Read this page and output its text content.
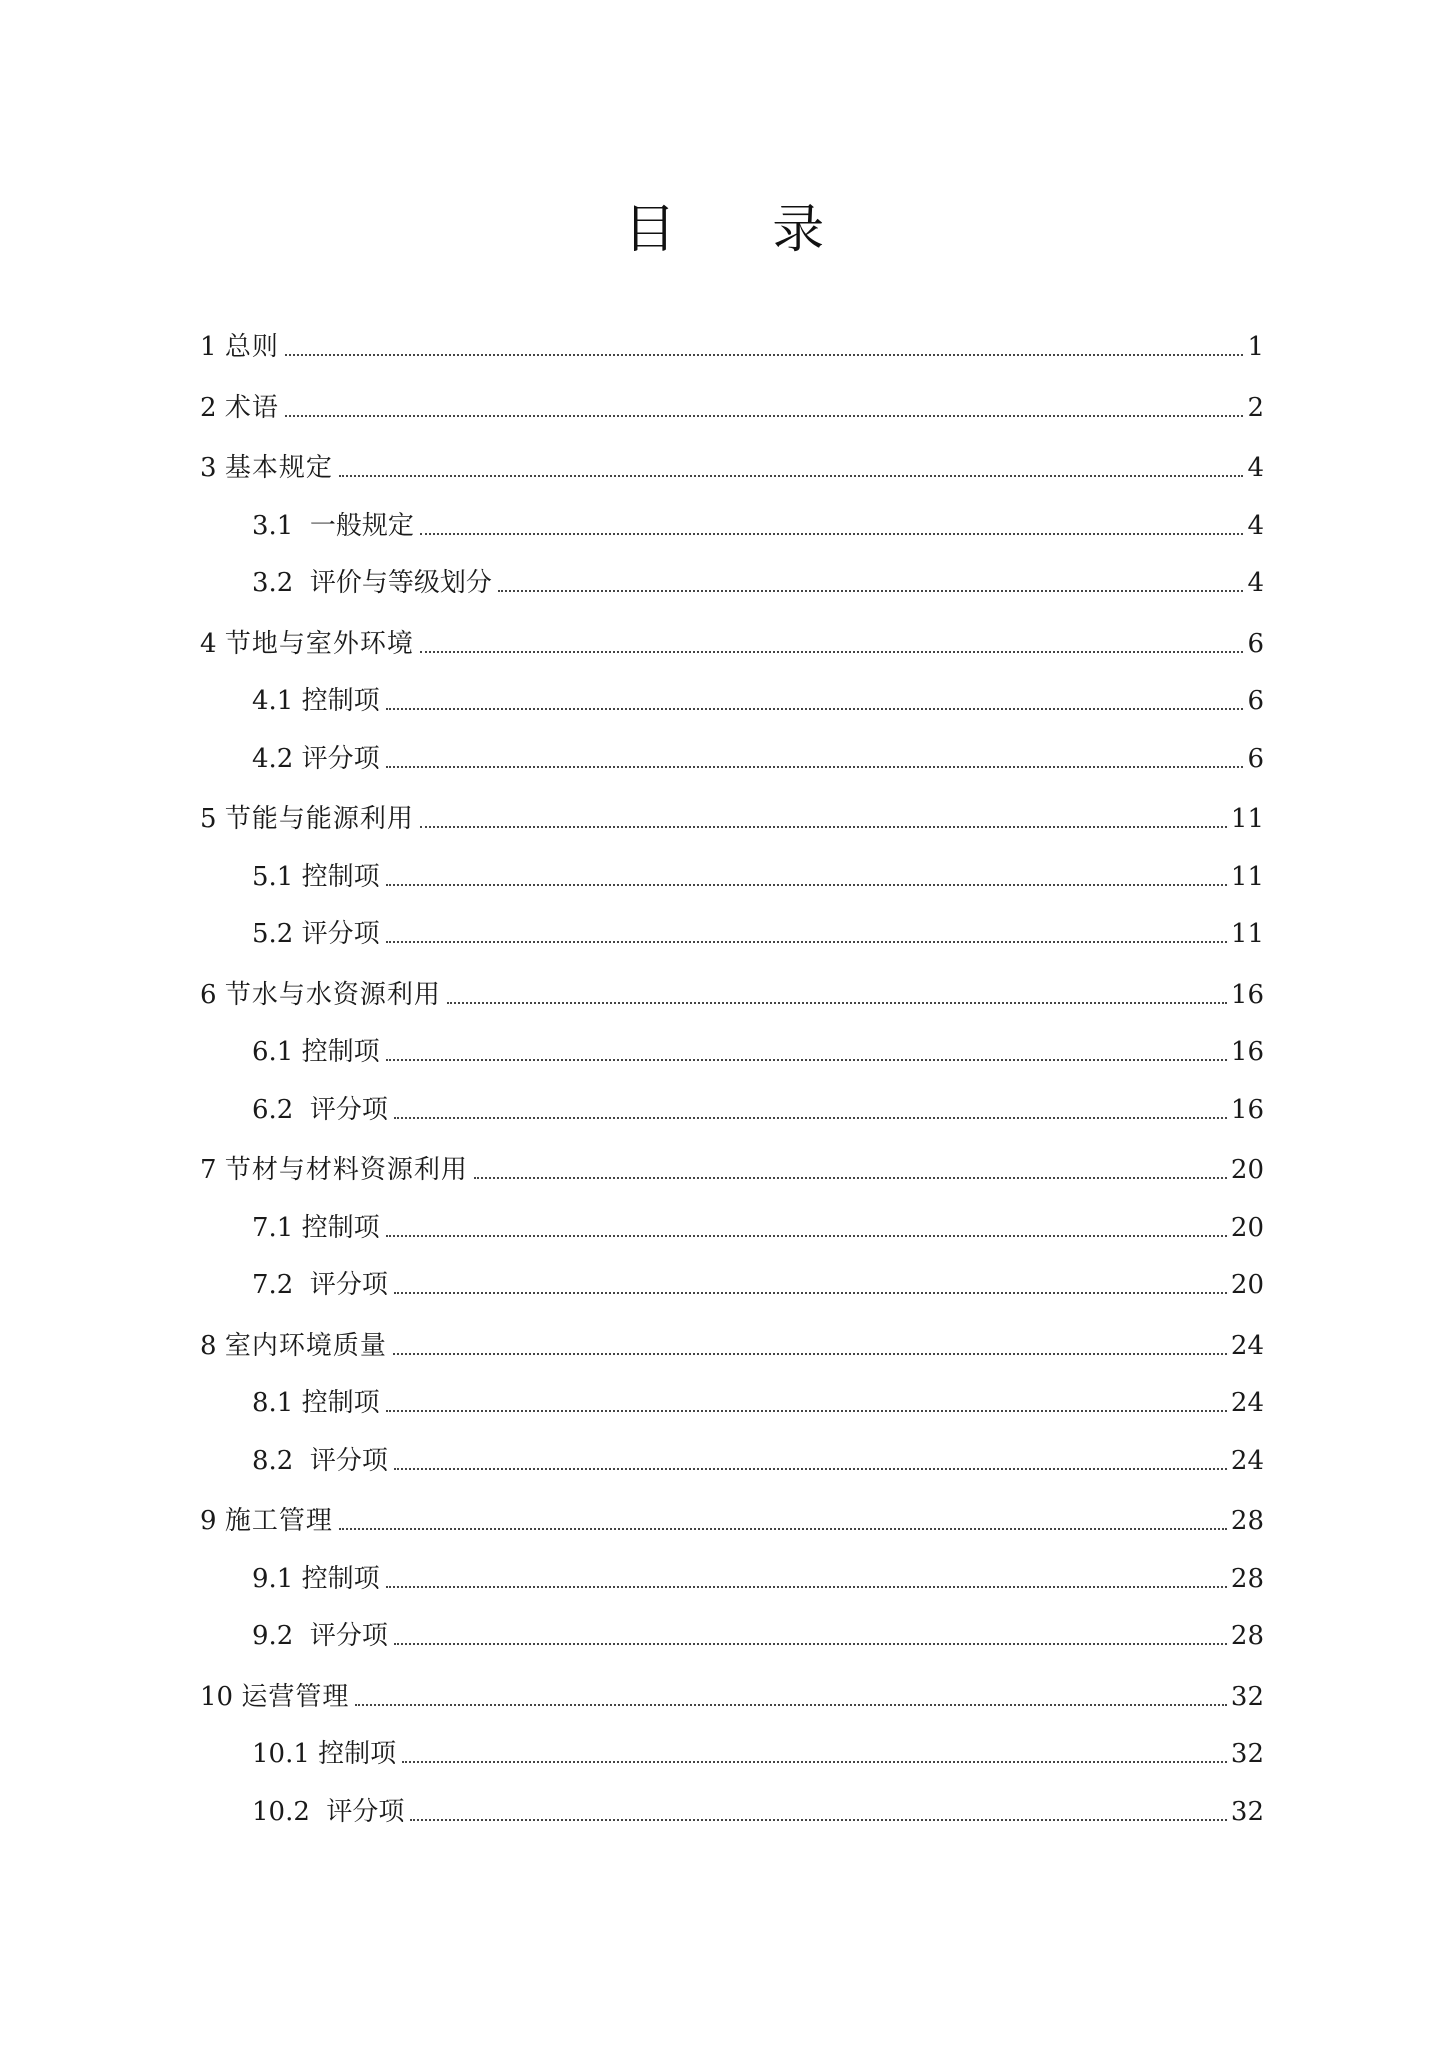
目 录
1 总则	1
2 术语	2
3 基本规定	4
3.1 一般规定	4
3.2 评价与等级划分	4
4 节地与室外环境	6
4.1 控制项	6
4.2 评分项	6
5 节能与能源利用	11
5.1 控制项	11
5.2 评分项	11
6 节水与水资源利用	16
6.1 控制项	16
6.2 评分项	16
7 节材与材料资源利用	20
7.1 控制项	20
7.2 评分项	20
8 室内环境质量	24
8.1 控制项	24
8.2 评分项	24
9 施工管理	28
9.1 控制项	28
9.2 评分项	28
10 运营管理	32
10.1 控制项	32
10.2 评分项	32
